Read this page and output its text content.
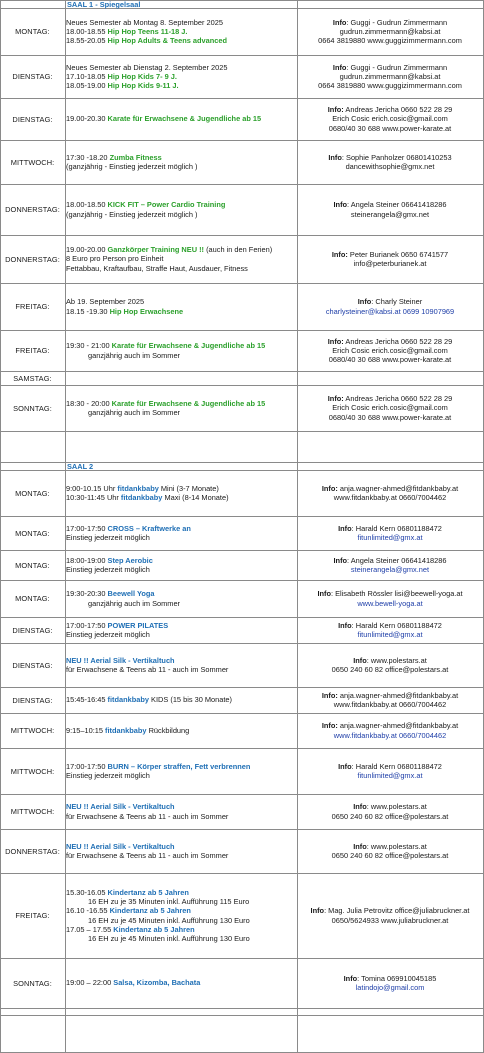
SAAL 1 - Spiegelsaal
SAAL 2
MONTAG:
Neues Semester ab Montag 8. September 2025
18.00-18.55 Hip Hop Teens 11-18 J.
18.55-20.05 Hip Hop Adults & Teens advanced
Info: Guggi - Gudrun Zimmermann
gudrun.zimmermann@kabsi.at
0664 3819880 www.guggizimmermann.com
DIENSTAG:
Neues Semester ab Dienstag 2. September 2025
17.10-18.05 Hip Hop Kids 7- 9 J.
18.05-19.00 Hip Hop Kids 9-11 J.
Info: Guggi - Gudrun Zimmermann
gudrun.zimmermann@kabsi.at
0664 3819880 www.guggizimmermann.com
DIENSTAG:	19.00-20.30 Karate für Erwachsene & Jugendliche ab 15
Info: Andreas Jericha 0660 522 28 29
Erich Cosic erich.cosic@gmail.com
0680/40 30 688 www.power-karate.at
MITTWOCH:
17:30 -18.20 Zumba Fitness
(ganzjährig - Einstieg jederzeit möglich )
Info: Sophie Panholzer 06801410253
dancewithsophie@gmx.net
DONNERSTAG:
18.00-18.50 KICK FIT – Power Cardio Training
(ganzjährig - Einstieg jederzeit möglich )
Info: Angela Steiner 06641418286
steinerangela@gmx.net
DONNERSTAG:
19.00-20.00 Ganzkörper Training NEU !! (auch in den Ferien)
8 Euro pro Person pro Einheit
Fettabbau, Kraftaufbau, Straffe Haut, Ausdauer, Fitness
Info: Peter Burianek 0650 6741577
info@peterburianek.at
FREITAG:
Ab 19. September 2025
18.15 -19.30 Hip Hop Erwachsene
Info: Charly Steiner
charlysteiner@kabsi.at 0699 10907969
FREITAG:
19:30 - 21:00 Karate für Erwachsene & Jugendliche ab 15
ganzjährig auch im Sommer
Info: Andreas Jericha 0660 522 28 29
Erich Cosic erich.cosic@gmail.com
0680/40 30 688 www.power-karate.at
SAMSTAG:
SONNTAG:
18:30 - 20:00 Karate für Erwachsene & Jugendliche ab 15
ganzjährig auch im Sommer
Info: Andreas Jericha 0660 522 28 29
Erich Cosic erich.cosic@gmail.com
0680/40 30 688 www.power-karate.at
MONTAG:
9:00-10.15 Uhr fitdankbaby Mini (3-7 Monate)
10:30-11:45 Uhr fitdankbaby Maxi (8-14 Monate)
Info: anja.wagner-ahmed@fitdankbaby.at
www.fitdankbaby.at 0660/7004462
MONTAG:
17:00-17:50 CROSS – Kraftwerke an
Einstieg jederzeit möglich
Info: Harald Kern 06801188472
fitunlimited@gmx.at
MONTAG:
18:00-19:00 Step Aerobic
Einstieg jederzeit möglich
Info: Angela Steiner 06641418286
steinerangela@gmx.net
MONTAG:
19:30-20:30 Beewell Yoga
ganzjährig auch im Sommer
Info: Elisabeth Rössler lisi@beewell-yoga.at
www.bewell-yoga.at
DIENSTAG:
17:00-17:50 POWER PILATES
Einstieg jederzeit möglich
Info: Harald Kern 06801188472
fitunlimited@gmx.at
DIENSTAG:
NEU !! Aerial Silk - Vertikaltuch
für Erwachsene & Teens ab 11 - auch im Sommer
Info: www.polestars.at
0650 240 60 82 office@polestars.at
DIENSTAG:	15:45-16:45 fitdankbaby KIDS (15 bis 30 Monate)
Info: anja.wagner-ahmed@fitdankbaby.at
www.fitdankbaby.at 0660/7004462
MITTWOCH:	9:15–10:15 fitdankbaby Rückbildung
Info: anja.wagner-ahmed@fitdankbaby.at
www.fitdankbaby.at 0660/7004462
MITTWOCH:
17:00-17:50 BURN – Körper straffen, Fett verbrennen
Einstieg jederzeit möglich
Info: Harald Kern 06801188472
fitunlimited@gmx.at
MITTWOCH:
NEU !! Aerial Silk - Vertikaltuch
für Erwachsene & Teens ab 11 - auch im Sommer
Info: www.polestars.at
0650 240 60 82 office@polestars.at
DONNERSTAG:
NEU !! Aerial Silk - Vertikaltuch
für Erwachsene & Teens ab 11 - auch im Sommer
Info: www.polestars.at
0650 240 60 82 office@polestars.at
FREITAG:
15.30-16.05 Kindertanz ab 5 Jahren
16 EH zu je 35 Minuten inkl. Aufführung 115 Euro
16.10 -16.55 Kindertanz ab 5 Jahren
16 EH zu je 45 Minuten inkl. Aufführung 130 Euro
17.05 – 17.55 Kindertanz ab 5 Jahren
16 EH zu je 45 Minuten inkl. Aufführung 130 Euro
Info: Mag. Julia Petrovitz office@juliabruckner.at
0650/5624933 www.juliabruckner.at
SONNTAG:	19:00 – 22:00 Salsa, Kizomba, Bachata
Info: Tomina 069910045185
latindojo@gmail.com
